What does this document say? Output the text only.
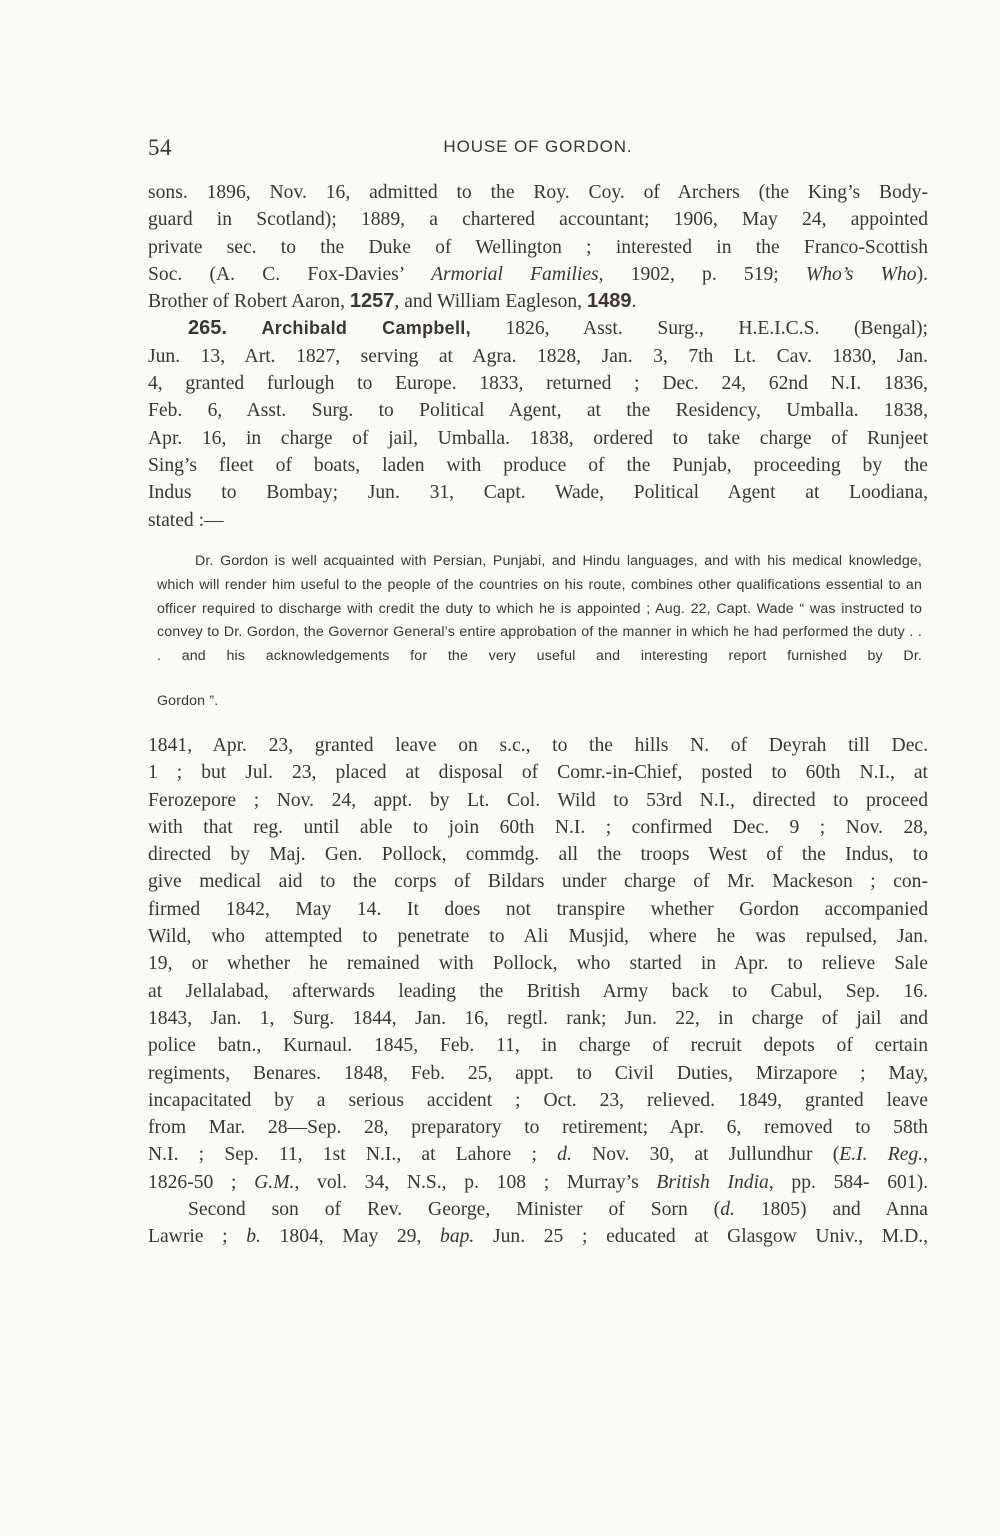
54	HOUSE OF GORDON.

sons. 1896, Nov. 16, admitted to the Roy. Coy. of Archers (the King’s Body-

guard in Scotland); 1889, a chartered accountant; 1906, May 24, appointed

private sec. to the Duke of Wellington ; interested in the Franco-Scottish

Soc. (A. C. Fox-Davies’ Armorial Families, 1902, p. 519; Who’s Who).

Brother of Robert Aaron, 1257, and William Eagleson, 1489.

265. Archibald Campbell, 1826, Asst. Surg., H.E.I.C.S. (Bengal);

Jun. 13, Art. 1827, serving at Agra. 1828, Jan. 3, 7th Lt. Cav. 1830, Jan.

4, granted furlough to Europe. 1833, returned ; Dec. 24, 62nd N.I. 1836,

Feb. 6, Asst. Surg. to Political Agent, at the Residency, Umballa. 1838,

Apr. 16, in charge of jail, Umballa. 1838, ordered to take charge of Runjeet

Sing’s fleet of boats, laden with produce of the Punjab, proceeding by the

Indus to Bombay; Jun. 31, Capt. Wade, Political Agent at Loodiana,

stated :—

Dr. Gordon is well acquainted with Persian, Punjabi, and Hindu languages, and with his medical knowledge, which will render him useful to the people of the countries on his route, combines other qualifications essential to an officer required to discharge with credit the duty to which he is appointed ; Aug. 22, Capt. Wade “ was instructed to convey to Dr. Gordon, the Governor General’s entire approbation of the manner in which he had performed the duty . . . and his acknowledgements for the very useful and interesting report furnished by Dr.

Gordon ”.

1841, Apr. 23, granted leave on s.c., to the hills N. of Deyrah till Dec.

1 ; but Jul. 23, placed at disposal of Comr.-in-Chief, posted to 60th N.I., at

Ferozepore ; Nov. 24, appt. by Lt. Col. Wild to 53rd N.I., directed to proceed

with that reg. until able to join 60th N.I. ; confirmed Dec. 9 ; Nov. 28,

directed by Maj. Gen. Pollock, commdg. all the troops West of the Indus, to

give medical aid to the corps of Bildars under charge of Mr. Mackeson ; con-

firmed 1842, May 14. It does not transpire whether Gordon accompanied

Wild, who attempted to penetrate to Ali Musjid, where he was repulsed, Jan.

19, or whether he remained with Pollock, who started in Apr. to relieve Sale

at Jellalabad, afterwards leading the British Army back to Cabul, Sep. 16.

1843, Jan. 1, Surg. 1844, Jan. 16, regtl. rank; Jun. 22, in charge of jail and

police batn., Kurnaul. 1845, Feb. 11, in charge of recruit depots of certain

regiments, Benares. 1848, Feb. 25, appt. to Civil Duties, Mirzapore ; May,

incapacitated by a serious accident ; Oct. 23, relieved. 1849, granted leave

from Mar. 28—Sep. 28, preparatory to retirement; Apr. 6, removed to 58th

N.I. ; Sep. 11, 1st N.I., at Lahore ; d. Nov. 30, at Jullundhur (E.I. Reg.,

1826-50 ; G.M., vol. 34, N.S., p. 108 ; Murray’s British India, pp. 584- 601).

Second son of Rev. George, Minister of Sorn (d. 1805) and Anna

Lawrie ; b. 1804, May 29, bap. Jun. 25 ; educated at Glasgow Univ., M.D.,
